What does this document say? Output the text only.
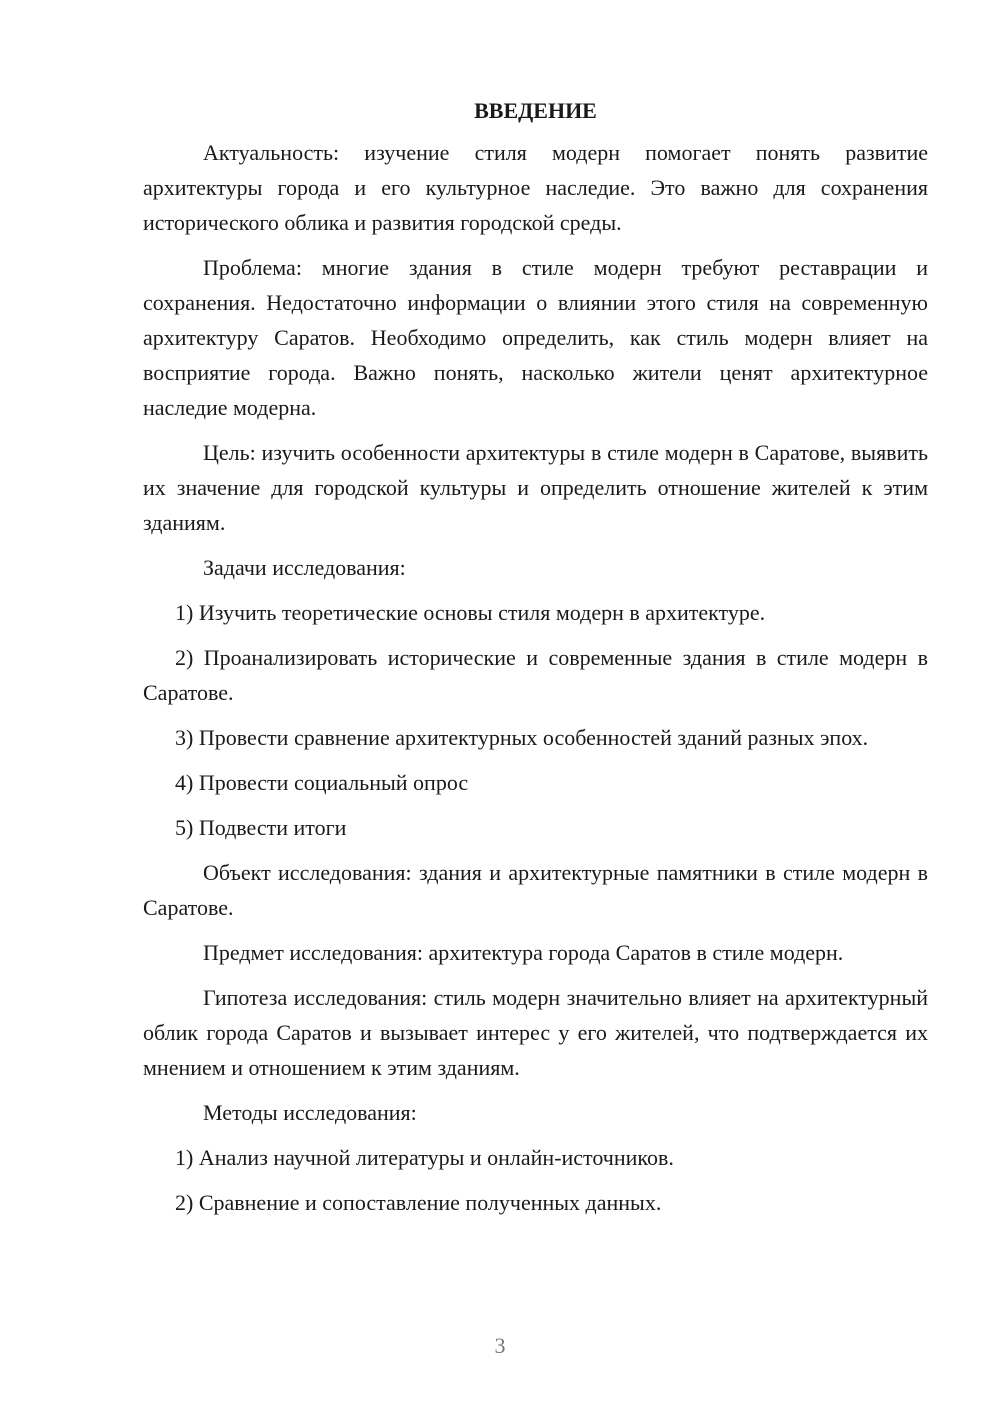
ВВЕДЕНИЕ

Актуальность: изучение стиля модерн помогает понять развитие архитектуры города и его культурное наследие. Это важно для сохранения исторического облика и развития городской среды.

Проблема: многие здания в стиле модерн требуют реставрации и сохранения. Недостаточно информации о влиянии этого стиля на современную архитектуру Саратов. Необходимо определить, как стиль модерн влияет на восприятие города. Важно понять, насколько жители ценят архитектурное наследие модерна.

Цель: изучить особенности архитектуры в стиле модерн в Саратове, выявить их значение для городской культуры и определить отношение жителей к этим зданиям.

Задачи исследования:

1) Изучить теоретические основы стиля модерн в архитектуре.

2) Проанализировать исторические и современные здания в стиле модерн в Саратове.

3) Провести сравнение архитектурных особенностей зданий разных эпох.

4) Провести социальный опрос

5) Подвести итоги

Объект исследования: здания и архитектурные памятники в стиле модерн в Саратове.

Предмет исследования: архитектура города Саратов в стиле модерн.

Гипотеза исследования: стиль модерн значительно влияет на архитектурный облик города Саратов и вызывает интерес у его жителей, что подтверждается их мнением и отношением к этим зданиям.

Методы исследования:

1) Анализ научной литературы и онлайн-источников.

2) Сравнение и сопоставление полученных данных.

3
